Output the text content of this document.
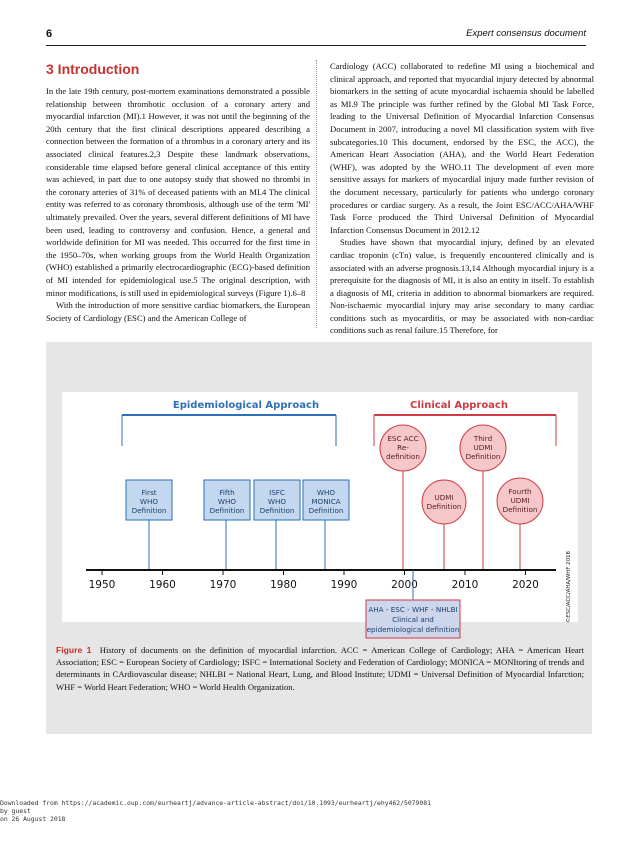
6	Expert consensus document
3 Introduction

In the late 19th century, post-mortem examinations demonstrated a possible relationship between thrombotic occlusion of a coronary artery and myocardial infarction (MI).1 However, it was not until the beginning of the 20th century that the first clinical descriptions appeared describing a connection between the formation of a thrombus in a coronary artery and its associated clinical features.2,3 Despite these landmark observations, considerable time elapsed before general clinical acceptance of this entity was achieved, in part due to one autopsy study that showed no thrombi in the coronary arteries of 31% of deceased patients with an MI.4 The clinical entity was referred to as coronary thrombosis, although use of the term 'MI' ultimately prevailed. Over the years, several different definitions of MI have been used, leading to controversy and confusion. Hence, a general and worldwide definition for MI was needed. This occurred for the first time in the 1950–70s, when working groups from the World Health Organization (WHO) established a primarily electrocardiographic (ECG)-based definition of MI intended for epidemiological use.5 The original description, with minor modifications, is still used in epidemiological surveys (Figure 1).6–8

With the introduction of more sensitive cardiac biomarkers, the European Society of Cardiology (ESC) and the American College of

Cardiology (ACC) collaborated to redefine MI using a biochemical and clinical approach, and reported that myocardial injury detected by abnormal biomarkers in the setting of acute myocardial ischaemia should be labelled as MI.9 The principle was further refined by the Global MI Task Force, leading to the Universal Definition of Myocardial Infarction Consensus Document in 2007, introducing a novel MI classification system with five subcategories.10 This document, endorsed by the ESC, the ACC), the American Heart Association (AHA), and the World Heart Federation (WHF), was adopted by the WHO.11 The development of even more sensitive assays for markers of myocardial injury made further revision of the document necessary, particularly for patients who undergo coronary procedures or cardiac surgery. As a result, the Joint ESC/ACC/AHA/WHF Task Force produced the Third Universal Definition of Myocardial Infarction Consensus Document in 2012.12

Studies have shown that myocardial injury, defined by an elevated cardiac troponin (cTn) value, is frequently encountered clinically and is associated with an adverse prognosis.13,14 Although myocardial injury is a prerequisite for the diagnosis of MI, it is also an entity in itself. To establish a diagnosis of MI, criteria in addition to abnormal biomarkers are required. Non-ischaemic myocardial injury may arise secondary to many cardiac conditions such as myocarditis, or may be associated with non-cardiac conditions such as renal failure.15 Therefore, for

Epidemiological Approach	Clinical Approach
First
WHO
Definition
Fifth
WHO
Definition
ISFC
WHO
Definition
WHO
MONICA
Definition
ESC ACC
Re-
definition
Third
UDMI
Definition
UDMI
Definition
Fourth
UDMI
Definition
1950	1960	1970	1980	1990	2000	2010	2020
AHA - ESC - WHF - NHLBI
Clinical and
epidemiological definition
©ESC/ACC/AHA/WHF 2018
Figure 1 History of documents on the definition of myocardial infarction. ACC = American College of Cardiology; AHA = American Heart Association; ESC = European Society of Cardiology; ISFC = International Society and Federation of Cardiology; MONICA = MONItoring of trends and determinants in CArdiovascular disease; NHLBI = National Heart, Lung, and Blood Institute; UDMI = Universal Definition of Myocardial Infarction; WHF = World Heart Federation; WHO = World Health Organization.
Downloaded from https://academic.oup.com/eurheartj/advance-article-abstract/doi/10.1093/eurheartj/ehy462/5079081
by guest
on 26 August 2018
